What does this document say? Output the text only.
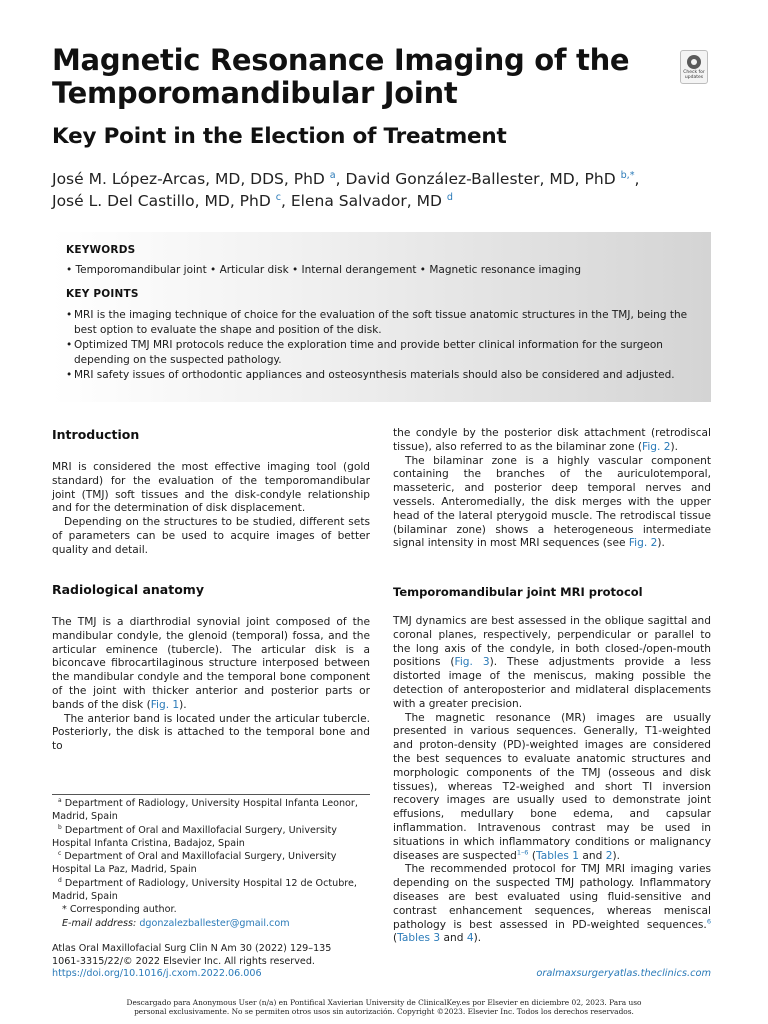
Magnetic Resonance Imaging of the
Temporomandibular Joint
Check for updates
Key Point in the Election of Treatment
José M. López-Arcas, MD, DDS, PhD $^a$, David González-Ballester, MD, PhD $^{b,*}$,
José L. Del Castillo, MD, PhD $^c$, Elena Salvador, MD $^d$
KEYWORDS
• Temporomandibular joint • Articular disk • Internal derangement • Magnetic resonance imaging
KEY POINTS
• MRI is the imaging technique of choice for the evaluation of the soft tissue anatomic structures in the TMJ, being the best option to evaluate the shape and position of the disk.
• Optimized TMJ MRI protocols reduce the exploration time and provide better clinical information for the surgeon depending on the suspected pathology.
• MRI safety issues of orthodontic appliances and osteosynthesis materials should also be considered and adjusted.
Introduction

MRI is considered the most effective imaging tool (gold standard) for the evaluation of the temporomandibular joint (TMJ) soft tissues and the disk-condyle relationship and for the determination of disk displacement.

Depending on the structures to be studied, different sets of parameters can be used to acquire images of better quality and detail.

Radiological anatomy

The TMJ is a diarthrodial synovial joint composed of the mandibular condyle, the glenoid (temporal) fossa, and the articular eminence (tubercle). The articular disk is a biconcave fibrocartilaginous structure interposed between the mandibular condyle and the temporal bone component of the joint with thicker anterior and posterior parts or bands of the disk (Fig. 1).

The anterior band is located under the articular tubercle. Posteriorly, the disk is attached to the temporal bone and to

$^a$ Department of Radiology, University Hospital Infanta Leonor, Madrid, Spain

$^b$ Department of Oral and Maxillofacial Surgery, University Hospital Infanta Cristina, Badajoz, Spain

$^c$ Department of Oral and Maxillofacial Surgery, University Hospital La Paz, Madrid, Spain

$^d$ Department of Radiology, University Hospital 12 de Octubre, Madrid, Spain

* Corresponding author.

E-mail address: dgonzalezballester@gmail.com

the condyle by the posterior disk attachment (retrodiscal tissue), also referred to as the bilaminar zone (Fig. 2).

The bilaminar zone is a highly vascular component containing the branches of the auriculotemporal, masseteric, and posterior deep temporal nerves and vessels. Anteromedially, the disk merges with the upper head of the lateral pterygoid muscle. The retrodiscal tissue (bilaminar zone) shows a heterogeneous intermediate signal intensity in most MRI sequences (see Fig. 2).

Temporomandibular joint MRI protocol

TMJ dynamics are best assessed in the oblique sagittal and coronal planes, respectively, perpendicular or parallel to the long axis of the condyle, in both closed-/open-mouth positions (Fig. 3). These adjustments provide a less distorted image of the meniscus, making possible the detection of anteroposterior and midlateral displacements with a greater precision.

The magnetic resonance (MR) images are usually presented in various sequences. Generally, T1-weighted and proton-density (PD)-weighted images are considered the best sequences to evaluate anatomic structures and morphologic components of the TMJ (osseous and disk tissues), whereas T2-weighed and short TI inversion recovery images are usually used to demonstrate joint effusions, medullary bone edema, and capsular inflammation. Intravenous contrast may be used in situations in which inflammatory conditions or malignancy diseases are suspected$^{1-6}$ (Tables 1 and 2).

The recommended protocol for TMJ MRI imaging varies depending on the suspected TMJ pathology. Inflammatory diseases are best evaluated using fluid-sensitive and contrast enhancement sequences, whereas meniscal pathology is best assessed in PD-weighted sequences.$^6$ (Tables 3 and 4).

Atlas Oral Maxillofacial Surg Clin N Am 30 (2022) 129–135
1061-3315/22/© 2022 Elsevier Inc. All rights reserved.
https://doi.org/10.1016/j.cxom.2022.06.006	oralmaxsurgeryatlas.theclinics.com
Descargado para Anonymous User (n/a) en Pontifical Xavierian University de ClinicalKey.es por Elsevier en diciembre 02, 2023. Para uso
personal exclusivamente. No se permiten otros usos sin autorización. Copyright ©2023. Elsevier Inc. Todos los derechos reservados.
